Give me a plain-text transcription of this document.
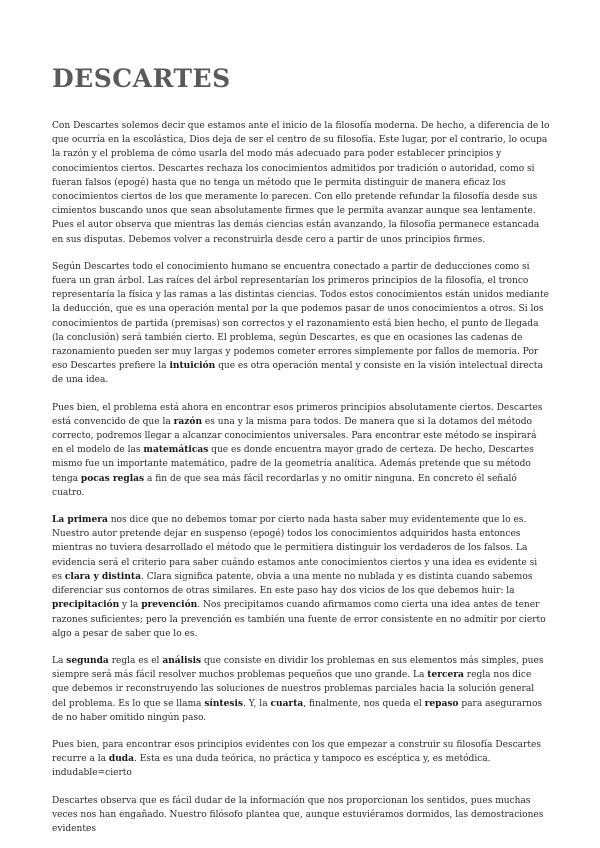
DESCARTES

Con Descartes solemos decir que estamos ante el inicio de la filosofía moderna. De hecho, a diferencia de lo que ocurría en la escolástica, Dios deja de ser el centro de su filosofía. Este lugar, por el contrario, lo ocupa la razón y el problema de cómo usarla del modo más adecuado para poder establecer principios y conocimientos ciertos. Descartes rechaza los conocimientos admitidos por tradición o autoridad, como si fueran falsos (epogé) hasta que no tenga un método que le permita distinguir de manera eficaz los conocimientos ciertos de los que meramente lo parecen. Con ello pretende refundar la filosofía desde sus cimientos buscando unos que sean absolutamente firmes que le permita avanzar aunque sea lentamente. Pues el autor observa que mientras las demás ciencias están avanzando, la filosofía permanece estancada en sus disputas. Debemos volver a reconstruirla desde cero a partir de unos principios firmes.

Según Descartes todo el conocimiento humano se encuentra conectado a partir de deducciones como si fuera un gran árbol. Las raíces del árbol representarían los primeros principios de la filosofía, el tronco representaría la física y las ramas a las distintas ciencias. Todos estos conocimientos están unidos mediante la deducción, que es una operación mental por la que podemos pasar de unos conocimientos a otros. Si los conocimientos de partida (premisas) son correctos y el razonamiento está bien hecho, el punto de llegada (la conclusión) será también cierto. El problema, según Descartes, es que en ocasiones las cadenas de razonamiento pueden ser muy largas y podemos cometer errores simplemente por fallos de memoria. Por eso Descartes prefiere la intuición que es otra operación mental y consiste en la visión intelectual directa de una idea.

Pues bien, el problema está ahora en encontrar esos primeros principios absolutamente ciertos. Descartes está convencido de que la razón es una y la misma para todos. De manera que si la dotamos del método correcto, podremos llegar a alcanzar conocimientos universales. Para encontrar este método se inspirará en el modelo de las matemáticas que es donde encuentra mayor grado de certeza. De hecho, Descartes mismo fue un importante matemático, padre de la geometría analítica. Además pretende que su método tenga pocas reglas a fin de que sea más fácil recordarlas y no omitir ninguna. En concreto él señaló cuatro.

La primera nos dice que no debemos tomar por cierto nada hasta saber muy evidentemente que lo es. Nuestro autor pretende dejar en suspenso (epogé) todos los conocimientos adquiridos hasta entonces mientras no tuviera desarrollado el método que le permitiera distinguir los verdaderos de los falsos. La evidencia será el criterio para saber cuándo estamos ante conocimientos ciertos y una idea es evidente si es clara y distinta. Clara significa patente, obvia a una mente no nublada y es distinta cuando sabemos diferenciar sus contornos de otras similares. En este paso hay dos vicios de los que debemos huir: la precipitación y la prevención. Nos precipitamos cuando afirmamos como cierta una idea antes de tener razones suficientes; pero la prevención es también una fuente de error consistente en no admitir por cierto algo a pesar de saber que lo es.

La segunda regla es el análisis que consiste en dividir los problemas en sus elementos más simples, pues siempre será más fácil resolver muchos problemas pequeños que uno grande. La tercera regla nos dice que debemos ir reconstruyendo las soluciones de nuestros problemas parciales hacia la solución general del problema. Es lo que se llama síntesis. Y, la cuarta, finalmente, nos queda el repaso para asegurarnos de no haber omitido ningún paso.

Pues bien, para encontrar esos principios evidentes con los que empezar a construir su filosofía Descartes recurre a la duda. Esta es una duda teórica, no práctica y tampoco es escéptica y, es metódica. indudable=cierto

Descartes observa que es fácil dudar de la información que nos proporcionan los sentidos, pues muchas veces nos han engañado. Nuestro filósofo plantea que, aunque estuviéramos dormidos, las demostraciones evidentes
